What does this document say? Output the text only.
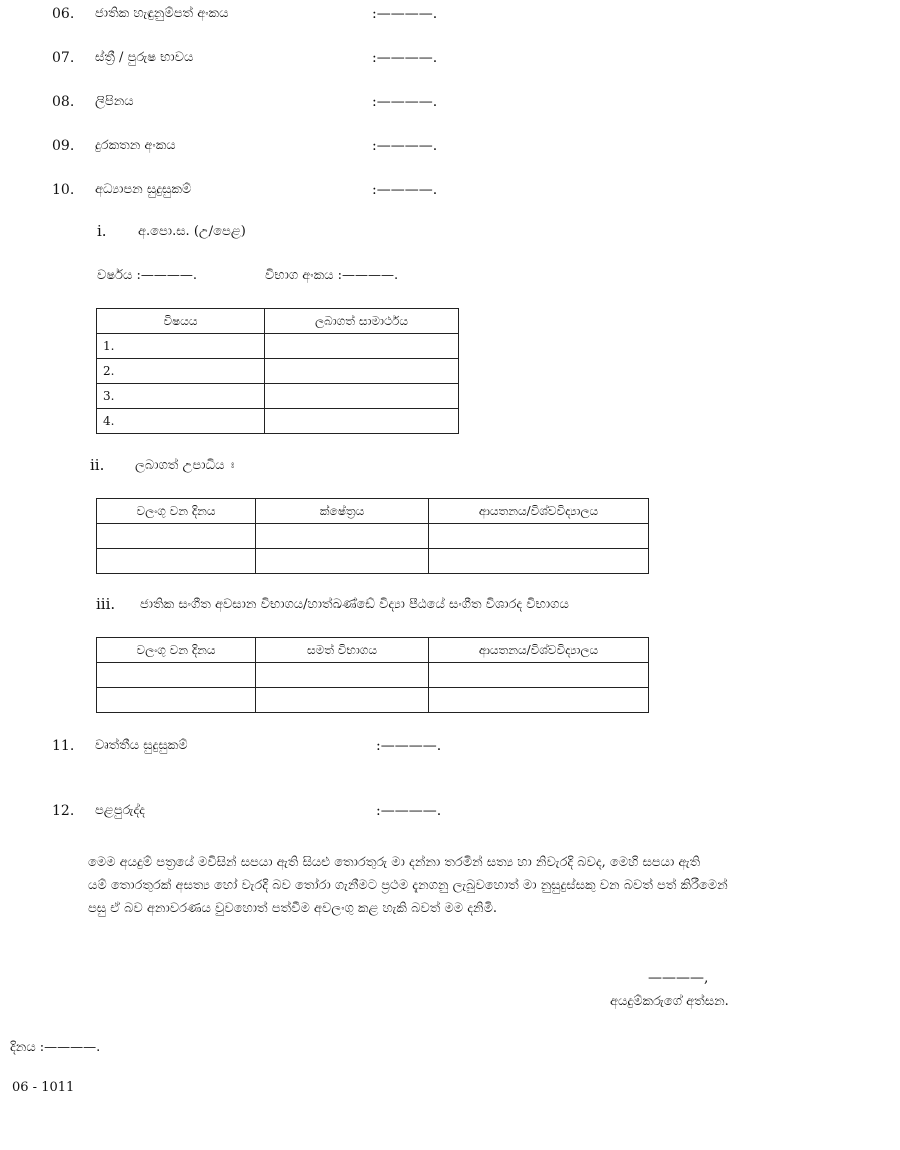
06. ජාතික හැඳුනුම්පත් අංකය	:————.
07. ස්ත්‍රී / පුරුෂ භාවය	:————.
08. ලිපිනය	:————.
09. දුරකතන අංකය	:————.
10. අධ්‍යාපන සුදුසුකම්	:————.
i. අ.පො.ස. (උ/පෙළ)
වර්ෂය :————.	විභාග අංකය :————.
විෂයය	ලබාගත් සාමාර්ථය
1.	
2.	
3.	
4.	
ii. ලබාගත් උපාධිය ඃ
වලංගු වන දිනය	ක්ෂේත්‍රය	ආයතනය/විශ්වවිද්‍යාලය

iii. ජාතික සංගීත අවසාන විභාගය/හාත්ඛණ්ඩේ විද්‍යා පීඨයේ සංගීත විශාරද විභාගය
වලංගු වන දිනය	සමත් විභාගය	ආයතනය/විශ්වවිද්‍යාලය

11. වෘත්තීය සුදුසුකම්	:————.
12. පළපුරුද්ද	:————.
මෙම අයදුම් පත්‍රයේ මවිසින් සපයා ඇති සියළු තොරතුරු මා දන්නා තරමින් සත්‍ය හා නිවැරදි බවද, මෙහි සපයා ඇති
යම් තොරතුරක් අසත්‍ය හෝ වැරදි බව තෝරා ගැනීමට ප්‍රථම දැනගනු ලැබුවහොත් මා නුසුදුස්සකු වන බවත් පත් කිරීමෙන්
පසු ඒ බව අනාවරණය වුවහොත් පත්වීම අවලංගු කළ හැකි බවත් මම දනිමි.
————,
අයදුම්කරුගේ අත්සන.
දිනය :————.
06 - 1011
